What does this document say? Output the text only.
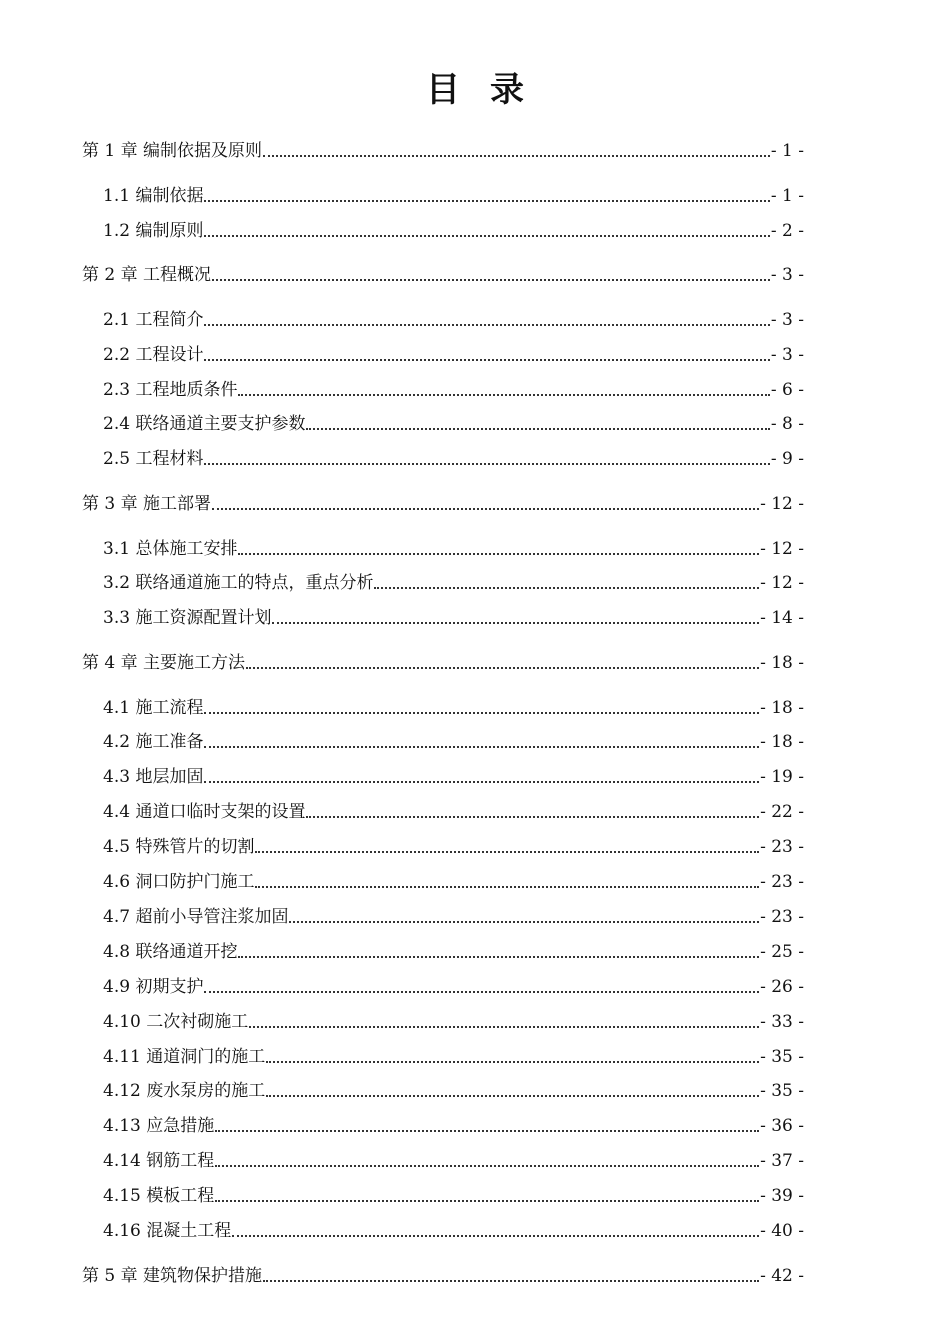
目录
第 1 章 编制依据及原则	- 1 -
1.1 编制依据	- 1 -
1.2 编制原则	- 2 -
第 2 章 工程概况	- 3 -
2.1 工程简介	- 3 -
2.2 工程设计	- 3 -
2.3 工程地质条件	- 6 -
2.4 联络通道主要支护参数	- 8 -
2.5 工程材料	- 9 -
第 3 章 施工部署	- 12 -
3.1 总体施工安排	- 12 -
3.2 联络通道施工的特点，重点分析	- 12 -
3.3 施工资源配置计划	- 14 -
第 4 章 主要施工方法	- 18 -
4.1 施工流程	- 18 -
4.2 施工准备	- 18 -
4.3 地层加固	- 19 -
4.4 通道口临时支架的设置	- 22 -
4.5 特殊管片的切割	- 23 -
4.6 洞口防护门施工	- 23 -
4.7 超前小导管注浆加固	- 23 -
4.8 联络通道开挖	- 25 -
4.9 初期支护	- 26 -
4.10 二次衬砌施工	- 33 -
4.11 通道洞门的施工	- 35 -
4.12 废水泵房的施工	- 35 -
4.13 应急措施	- 36 -
4.14 钢筋工程	- 37 -
4.15 模板工程	- 39 -
4.16 混凝土工程	- 40 -
第 5 章 建筑物保护措施	- 42 -
